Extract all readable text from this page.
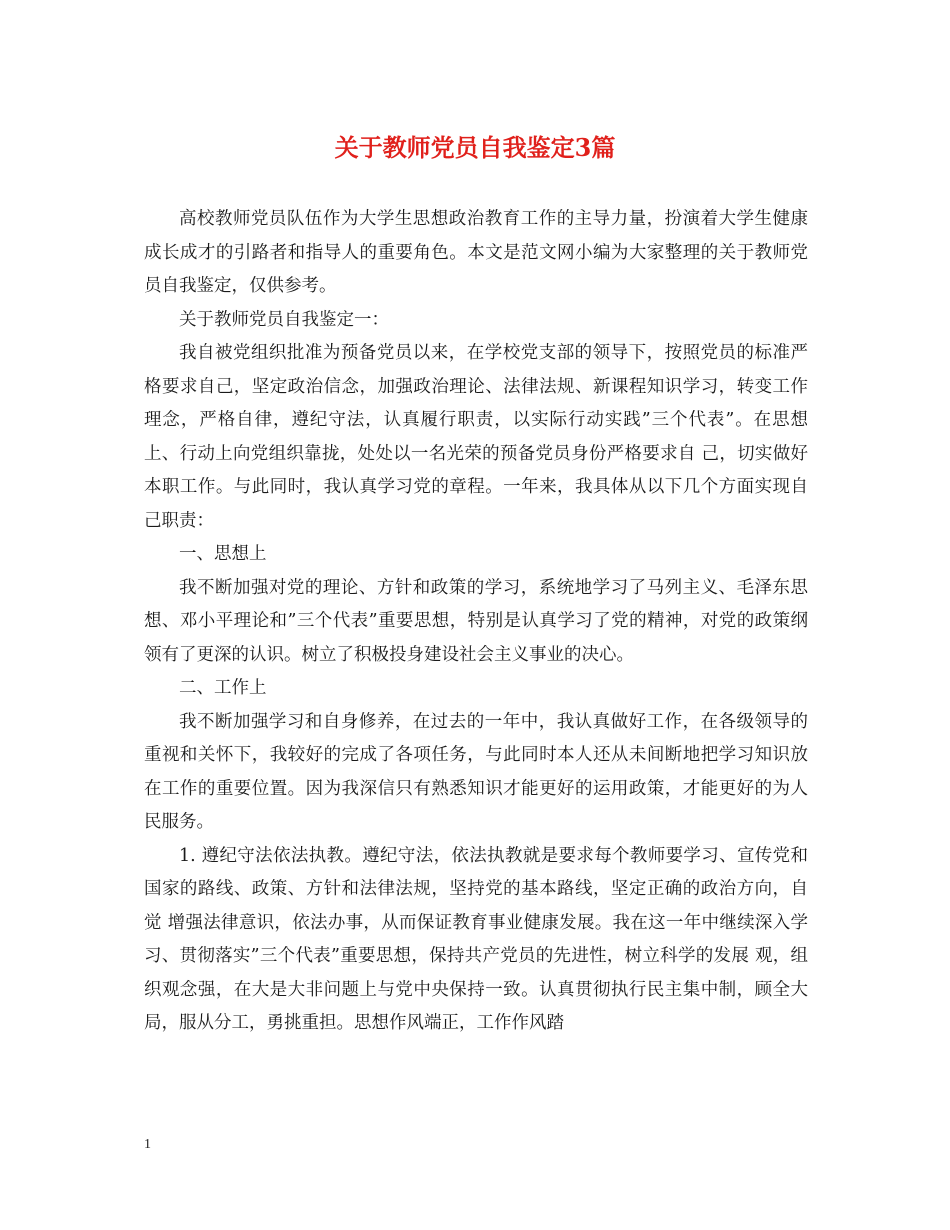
关于教师党员自我鉴定3篇

高校教师党员队伍作为大学生思想政治教育工作的主导力量，扮演着大学生健康成长成才的引路者和指导人的重要角色。本文是范文网小编为大家整理的关于教师党员自我鉴定，仅供参考。

关于教师党员自我鉴定一：

我自被党组织批准为预备党员以来，在学校党支部的领导下，按照党员的标准严格要求自己，坚定政治信念，加强政治理论、法律法规、新课程知识学习，转变工作理念，严格自律，遵纪守法，认真履行职责，以实际行动实践”三个代表”。在思想上、行动上向党组织靠拢，处处以一名光荣的预备党员身份严格要求自 己，切实做好本职工作。与此同时，我认真学习党的章程。一年来，我具体从以下几个方面实现自己职责：

一、思想上

我不断加强对党的理论、方针和政策的学习，系统地学习了马列主义、毛泽东思想、邓小平理论和”三个代表”重要思想，特别是认真学习了党的精神，对党的政策纲领有了更深的认识。树立了积极投身建设社会主义事业的决心。

二、工作上

我不断加强学习和自身修养，在过去的一年中，我认真做好工作，在各级领导的重视和关怀下，我较好的完成了各项任务，与此同时本人还从未间断地把学习知识放在工作的重要位置。因为我深信只有熟悉知识才能更好的运用政策，才能更好的为人民服务。

1. 遵纪守法依法执教。遵纪守法，依法执教就是要求每个教师要学习、宣传党和国家的路线、政策、方针和法律法规，坚持党的基本路线，坚定正确的政治方向，自觉 增强法律意识，依法办事，从而保证教育事业健康发展。我在这一年中继续深入学习、贯彻落实”三个代表”重要思想，保持共产党员的先进性，树立科学的发展 观，组织观念强，在大是大非问题上与党中央保持一致。认真贯彻执行民主集中制，顾全大局，服从分工，勇挑重担。思想作风端正，工作作风踏

1
